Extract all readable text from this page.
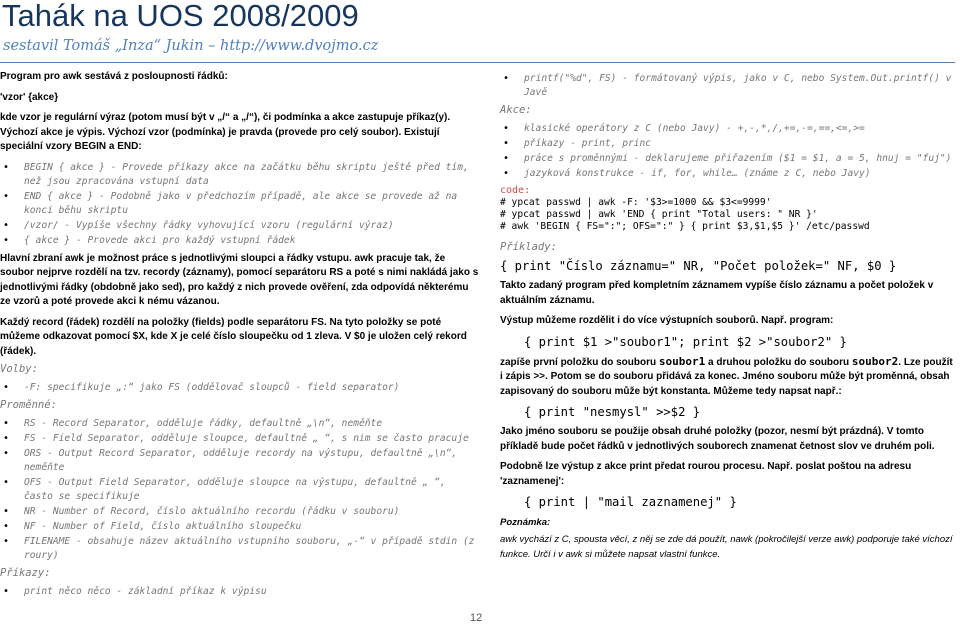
Tahák na UOS 2008/2009
sestavil Tomáš „Inza“ Jukin – http://www.dvojmo.cz

Program pro awk sestává z posloupnosti řádků:

'vzor' {akce}

kde vzor je regulární výraz (potom musí být v „/“ a „/“), či podmínka a akce zastupuje příkaz(y). Výchozí akce je výpis. Výchozí vzor (podmínka) je pravda (provede pro celý soubor). Existují speciální vzory BEGIN a END:

• BEGIN { akce } - Provede příkazy akce na začátku běhu skriptu ještě před tím, než jsou zpracována vstupní data
• END { akce } - Podobně jako v předchozím případě, ale akce se provede až na konci běhu skriptu
• /vzor/ - Vypíše všechny řádky vyhovující vzoru (regulární výraz)
• { akce } - Provede akci pro každý vstupní řádek

Hlavní zbraní awk je možnost práce s jednotlivými sloupci a řádky vstupu. awk pracuje tak, že soubor nejprve rozdělí na tzv. recordy (záznamy), pomocí separátoru RS a poté s nimi nakládá jako s jednotlivými řádky (obdobně jako sed), pro každý z nich provede ověření, zda odpovídá některému ze vzorů a poté provede akci k nému vázanou.

Každý record (řádek) rozdělí na položky (fields) podle separátoru FS. Na tyto položky se poté můžeme odkazovat pomocí $X, kde X je celé číslo sloupečku od 1 zleva. V $0 je uložen celý rekord (řádek).

Volby:
• -F: specifikuje „:“ jako FS (oddělovač sloupců - field separator)
Proměnné:
• RS - Record Separator, odděluje řádky, defaultně „\n“, neměňte
• FS - Field Separator, odděluje sloupce, defaultně „ “, s nim se často pracuje
• ORS - Output Record Separator, odděluje recordy na výstupu, defaultně „\n“, neměňte
• OFS - Output Field Separator, odděluje sloupce na výstupu, defaultně „ “, často se specifikuje
• NR - Number of Record, číslo aktuálního recordu (řádku v souboru)
• NF - Number of Field, číslo aktuálního sloupečku
• FILENAME - obsahuje název aktuálního vstupního souboru, „-“ v případě stdin (z roury)
Příkazy:
• print něco něco - základní příkaz k výpisu
• printf("%d", FS) - formátovaný výpis, jako v C, nebo System.Out.printf() v Javě
Akce:
• klasické operátory z C (nebo Javy) - +,-,*,/,+=,-=,==,<=,>=
• příkazy - print, princ
• práce s proměnnými - deklarujeme přiřazením ($1 = $1, a = 5, hnuj = "fuj")
• jazyková konstrukce - if, for, while… (známe z C, nebo Javy)
code:
# ypcat passwd | awk -F: '$3>=1000 && $3<=9999'
# ypcat passwd | awk 'END { print "Total users: " NR }'
# awk 'BEGIN { FS=":"; OFS=":" } { print $3,$1,$5 }' /etc/passwd
Příklady:
{ print "Číslo záznamu=" NR, "Počet položek=" NF, $0 }

Takto zadaný program před kompletním záznamem vypíše číslo záznamu a počet položek v aktuálním záznamu.

Výstup můžeme rozdělit i do více výstupních souborů. Např. program:

{ print $1 >"soubor1"; print $2 >"soubor2" }

zapíše první položku do souboru soubor1 a druhou položku do souboru soubor2. Lze použít i zápis >>. Potom se do souboru přidává za konec. Jméno souboru může být proměnná, obsah zapisovaný do souboru může být konstanta. Můžeme tedy napsat např.:

{ print "nesmysl" >>$2 }

Jako jméno souboru se použije obsah druhé položky (pozor, nesmí být prázdná). V tomto příkladě bude počet řádků v jednotlivých souborech znamenat četnost slov ve druhém poli.

Podobně lze výstup z akce print předat rourou procesu. Např. poslat poštou na adresu 'zaznamenej':

{ print | "mail zaznamenej" }

Poznámka:

awk vychází z C, spousta věcí, z něj se zde dá použít, nawk (pokročilejší verze awk) podporuje také víchozí funkce. Určí i v awk si můžete napsat vlastní funkce.

12
